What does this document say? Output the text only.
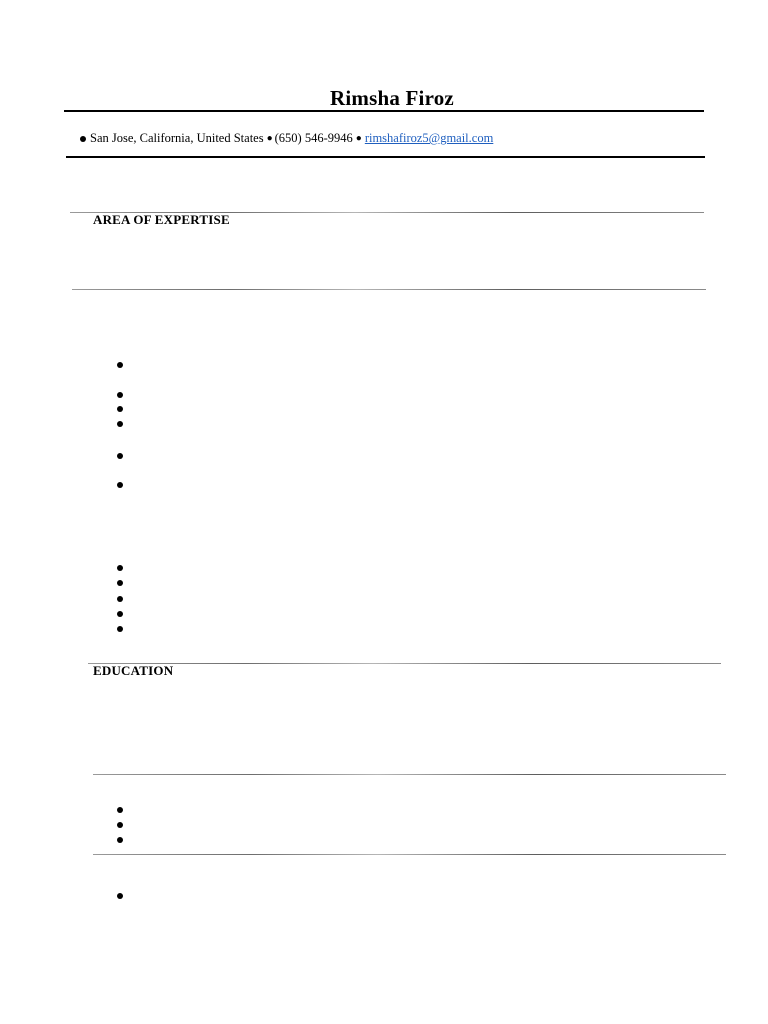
Rimsha Firoz
San Jose, California, United States ● (650) 546-9946 ● rimshafiroz5@gmail.com
AREA OF EXPERTISE
EDUCATION
